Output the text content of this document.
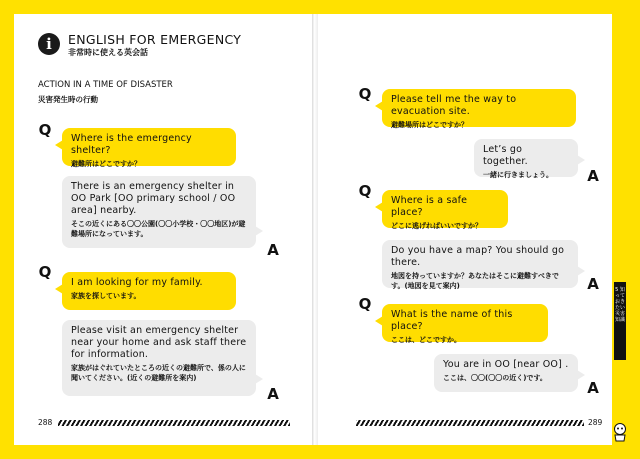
i	ENGLISH FOR EMERGENCY
非常時に使える英会話
ACTION IN A TIME OF DISASTER
災害発生時の行動
Q Where is the emergency shelter?
避難所はどこですか？
There is an emergency shelter in OO Park [OO primary school / OO area] nearby.
そこの近くにある〇〇公園(〇〇小学校・〇〇地区)が避難場所になっています。
A
Q
I am looking for my family.
家族を探しています。
Please visit an emergency shelter near your home and ask staff there for information.
家族がはぐれていたところの近くの避難所で、係の人に聞いてください。(近くの避難所を案内)
A
288
Q Please tell me the way to evacuation site.
避難場所はどこですか？
Let’s go together.
一緒に行きましょう。	A
Q
Where is a safe place?
どこに逃げればいいですか？
Do you have a map? You should go there.
地図を持っていますか？あなたはそこに避難すべきです。(地図を見て案内)	A
Q
What is the name of this place?
ここは、どこですか。
You are in OO [near OO] .
ここは、〇〇(〇〇の近く)です。
A
289
5 知っておきたい災害知識
